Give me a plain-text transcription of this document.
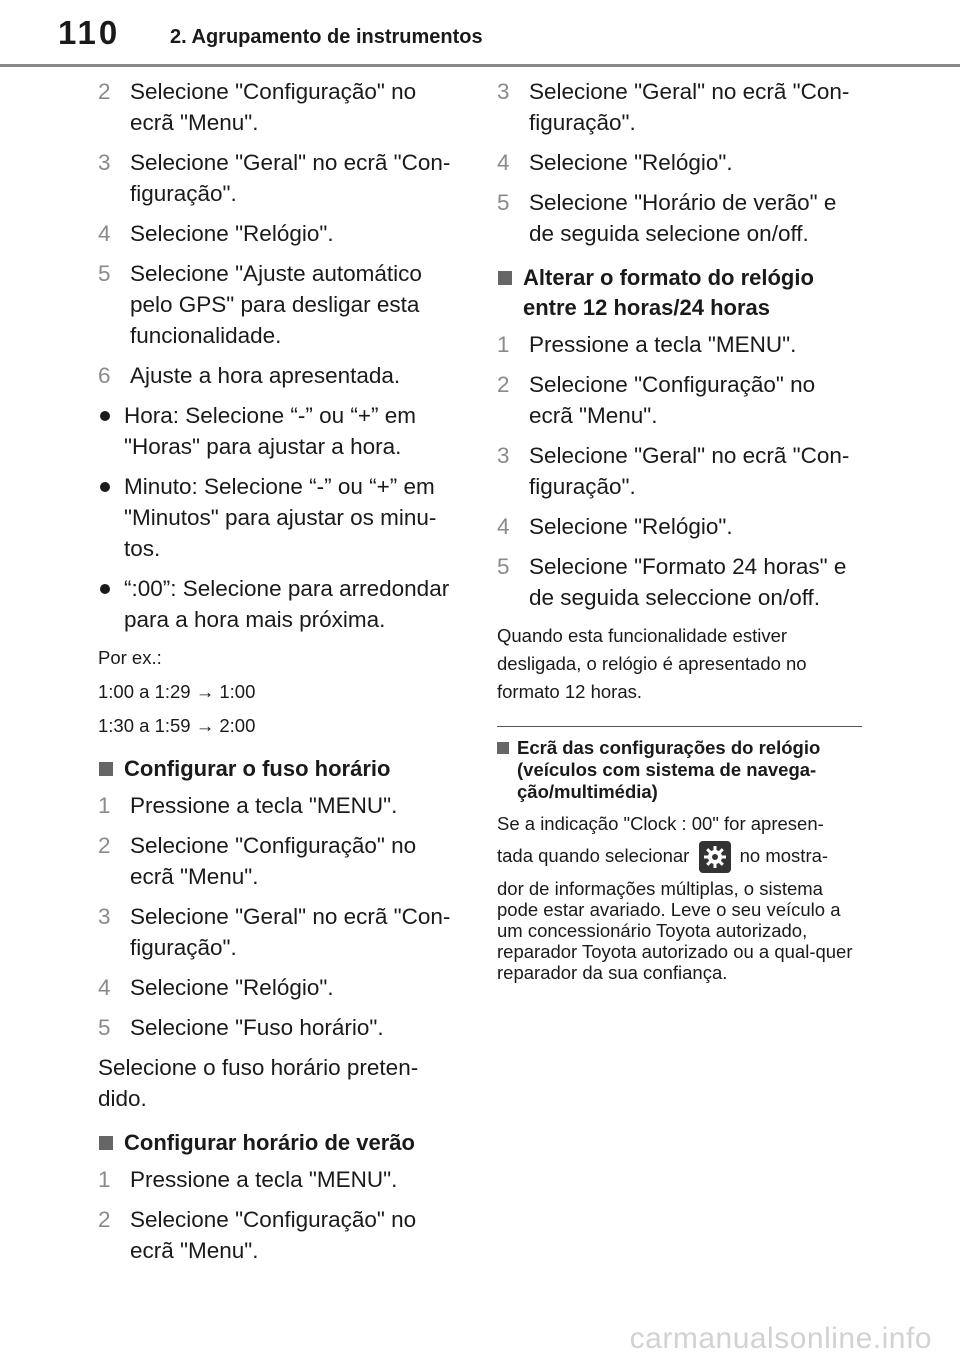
110 2. Agrupamento de instrumentos
2 Selecione "Configuração" no ecrã "Menu".
3 Selecione "Geral" no ecrã "Con-figuração".
4 Selecione "Relógio".
5 Selecione "Ajuste automático pelo GPS" para desligar esta funcionalidade.
6 Ajuste a hora apresentada.
Hora: Selecione “-” ou “+” em "Horas" para ajustar a hora.
Minuto: Selecione “-” ou “+” em "Minutos" para ajustar os minu-tos.
“:00”: Selecione para arredondar para a hora mais próxima.
Por ex.:
1:00 a 1:29 → 1:00
1:30 a 1:59 → 2:00
Configurar o fuso horário
1 Pressione a tecla "MENU".
2 Selecione "Configuração" no ecrã "Menu".
3 Selecione "Geral" no ecrã "Con-figuração".
4 Selecione "Relógio".
5 Selecione "Fuso horário".
Selecione o fuso horário preten-dido.
Configurar horário de verão
1 Pressione a tecla "MENU".
2 Selecione "Configuração" no ecrã "Menu".
3 Selecione "Geral" no ecrã "Con-figuração".
4 Selecione "Relógio".
5 Selecione "Horário de verão" e de seguida selecione on/off.
Alterar o formato do relógio entre 12 horas/24 horas
1 Pressione a tecla "MENU".
2 Selecione "Configuração" no ecrã "Menu".
3 Selecione "Geral" no ecrã "Con-figuração".
4 Selecione "Relógio".
5 Selecione "Formato 24 horas" e de seguida seleccione on/off.
Quando esta funcionalidade estiver desligada, o relógio é apresentado no formato 12 horas.
Ecrã das configurações do relógio (veículos com sistema de navega-ção/multimédia)
Se a indicação "Clock : 00" for apresen-
tada quando selecionar	no mostra-
dor de informações múltiplas, o sistema pode estar avariado. Leve o seu veículo a um concessionário Toyota autorizado, reparador Toyota autorizado ou a qual-quer reparador da sua confiança.
carmanualsonline.info
